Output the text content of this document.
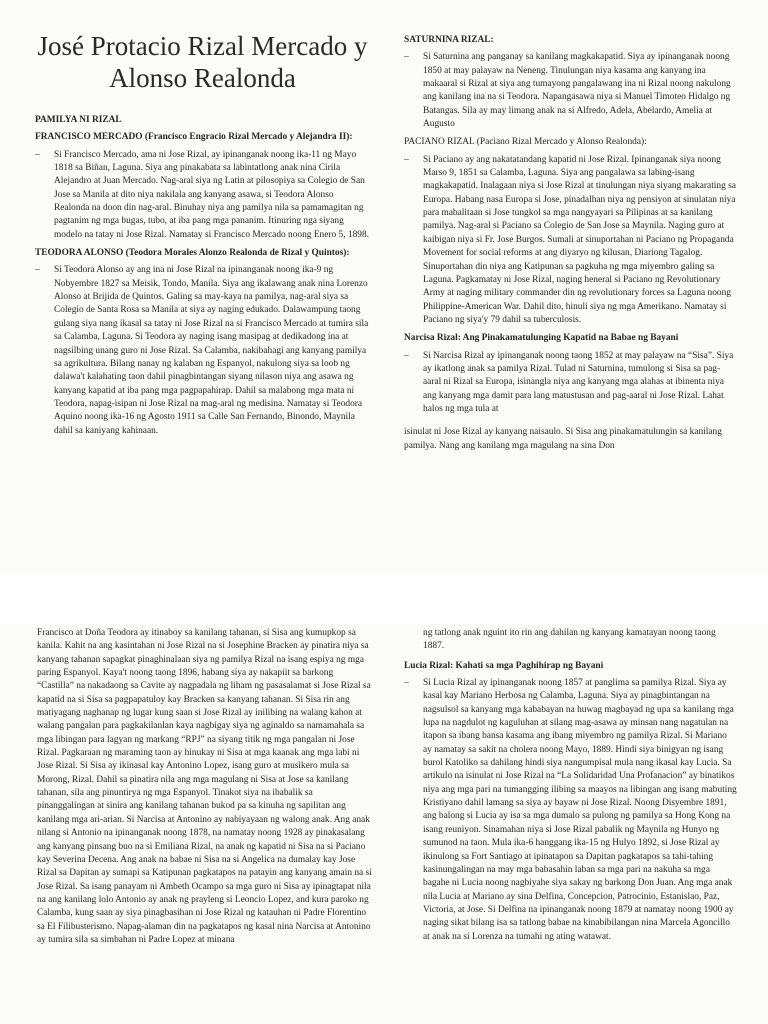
José Protacio Rizal Mercado y Alonso Realonda
PAMILYA NI RIZAL
FRANCISCO MERCADO (Francisco Engracio Rizal Mercado y Alejandra II):
– Si Francisco Mercado, ama ni Jose Rizal, ay ipinanganak noong ika-11 ng Mayo 1818 sa Biñan, Laguna. Siya ang pinakabata sa labintatlong anak nina Cirila Alejandro at Juan Mercado. Nag-aral siya ng Latin at pilosopiya sa Colegio de San Jose sa Manila at dito niya nakilala ang kanyang asawa, si Teodora Alonso Realonda na doon din nag-aral. Binuhay niya ang pamilya nila sa pamamagitan ng pagtanim ng mga bugas, tubo, at iba pang mga pananim. Itinuring nga siyang modelo na tatay ni Jose Rizal. Namatay si Francisco Mercado noong Enero 5, 1898.

TEODORA ALONSO (Teodora Morales Alonzo Realonda de Rizal y Quintos):
– Si Teodora Alonso ay ang ina ni Jose Rizal na ipinanganak noong ika-9 ng Nobyembre 1827 sa Meisik, Tondo, Manila. Siya ang ikalawang anak nina Lorenzo Alonso at Brijida de Quintos. Galing sa may-kaya na pamilya, nag-aral siya sa Colegio de Santa Rosa sa Manila at siya ay naging edukado. Dalawampung taong gulang siya nang ikasal sa tatay ni Jose Rizal na si Francisco Mercado at tumira sila sa Calamba, Laguna. Si Teodora ay naging isang masipag at dedikadong ina at nagsilbing unang guro ni Jose Rizal. Sa Calamba, nakibahagi ang kanyang pamilya sa agrikultura. Bilang nanay ng kalaban ng Espanyol, nakulong siya sa loob ng dalawa't kalahating taon dahil pinagbintangan siyang nilason niya ang asawa ng kanyang kapatid at iba pang mga pagpapahirap. Dahil sa malabong mga mata ni Teodora, napag-isipan ni Jose Rizal na mag-aral ng medisina. Namatay si Teodora Aquino noong ika-16 ng Agosto 1911 sa Calle San Fernando, Binondo, Maynila dahil sa kaniyang kahinaan.

SATURNINA RIZAL:
– Si Saturnina ang panganay sa kanilang magkakapatid. Siya ay ipinanganak noong 1850 at may palayaw na Neneng. Tinulungan niya kasama ang kanyang ina makaaral si Rizal at siya ang tumayong pangalawang ina ni Rizal noong nakulong ang kanilang ina na si Teodora. Napangasawa niya si Manuel Timoteo Hidalgo ng Batangas. Sila ay may limang anak na si Alfredo, Adela, Abelardo, Amelia at Augusto

PACIANO RIZAL (Paciano Rizal Mercado y Alonso Realonda):
– Si Paciano ay ang nakatatandang kapatid ni Jose Rizal. Ipinanganak siya noong Marso 9, 1851 sa Calamba, Laguna. Siya ang pangalawa sa labing-isang magkakapatid. Inalagaan niya si Jose Rizal at tinulungan niya siyang makarating sa Europa. Habang nasa Europa si Jose, pinadalhan niya ng pensiyon at sinulatan niya para mabalitaan si Jose tungkol sa mga nangyayari sa Pilipinas at sa kanilang pamilya. Nag-aral si Paciano sa Colegio de San Jose sa Maynila. Naging guro at kaibigan niya si Fr. Jose Burgos. Sumali at sinuportahan ni Paciano ng Propaganda Movement for social reforms at ang diyaryo ng kilusan, Diariong Tagalog. Sinuportahan din niya ang Katipunan sa pagkuha ng mga miyembro galing sa Laguna. Pagkamatay ni Jose Rizal, naging heneral si Paciano ng Revolutionary Army at naging military commander din ng revolutionary forces sa Laguna noong Philippine-American War. Dahil dito, hinuli siya ng mga Amerikano. Namatay si Paciano ng siya'y 79 dahil sa tuberculosis.

Narcisa Rizal: Ang Pinakamatulunging Kapatid na Babae ng Bayani
– Si Narcisa Rizal ay ipinanganak noong taong 1852 at may palayaw na “Sisa”. Siya ay ikatlong anak sa pamilya Rizal. Tulad ni Saturnina, tumulong si Sisa sa pag-aaral ni Rizal sa Europa, isinangla niya ang kanyang mga alahas at ibinenta niya ang kanyang mga damit para lang matustusan and pag-aaral ni Jose Rizal. Lahat halos ng mga tula at

isinulat ni Jose Rizal ay kanyang naisaulo. Si Sisa ang pinakamatulungin sa kanilang pamilya. Nang ang kanilang mga magulang na sina Don

Francisco at Doña Teodora ay itinaboy sa kanilang tahanan, si Sisa ang kumupkop sa kanila. Kahit na ang kasintahan ni Jose Rizal na si Josephine Bracken ay pinatira niya sa kanyang tahanan sapagkat pinaghinalaan siya ng pamilya Rizal na isang espiya ng mga paring Espanyol. Kaya't noong taong 1896, habang siya ay nakapiit sa barkong “Castilla” na nakadaong sa Cavite ay nagpadala ng liham ng pasasalamat si Jose Rizal sa kapatid na si Sisa sa pagpapatuloy kay Bracken sa kanyang tahanan. Si Sisa rin ang matiyagang naghanap ng lugar kung saan si Jose Rizal ay inilibing na walang kahon at walang pangalan para pagkakilanlan kaya nagbigay siya ng aginaldo sa namamahala sa mga libingan para lagyan ng markang “RPJ” na siyang titik ng mga pangalan ni Jose Rizal. Pagkaraan ng maraming taon ay hinukay ni Sisa at mga kaanak ang mga labi ni Jose Rizal. Si Sisa ay ikinasal kay Antonino Lopez, isang guro at musikero mula sa Morong, Rizal. Dahil sa pinatira nila ang mga magulang ni Sisa at Jose sa kanilang tahanan, sila ang pinuntirya ng mga Espanyol. Tinakot siya na ibabalik sa pinanggalingan at sinira ang kanilang tahanan bukod pa sa kinuha ng sapilitan ang kanilang mga ari-arian. Si Narcisa at Antonino ay nabiyayaan ng walong anak. Ang anak nilang si Antonio na ipinanganak noong 1878, na namatay noong 1928 ay pinakasalang ang kanyang pinsang buo na si Emiliana Rizal, na anak ng kapatid ni Sisa na si Paciano kay Severina Decena. Ang anak na babae ni Sisa na si Angelica na dumalay kay Jose Rizal sa Dapitan ay sumapi sa Katipunan pagkatapos na patayin ang kanyang amain na si Jose Rizal. Sa isang panayam ni Ambeth Ocampo sa mga guro ni Sisa ay ipinagtapat nila na ang kanilang lolo Antonio ay anak ng prayleng si Leoncio Lopez, and kura paroko ng Calamba, kung saan ay siya pinagbasihan ni Jose Rizal ng katauhan ni Padre Florentino sa El Filibusterismo. Napag-alaman din na pagkatapos ng kasal nina Narcisa at Antonino ay tumira sila sa simbahan ni Padre Lopez at minana

ng tatlong anak nguint ito rin ang dahilan ng kanyang kamatayan noong taong 1887.

Lucia Rizal: Kahati sa mga Paghihirap ng Bayani
– Si Lucia Rizal ay ipinanganak noong 1857 at panglima sa pamilya Rizal. Siya ay kasal kay Mariano Herbosa ng Calamba, Laguna. Siya ay pinagbintangan na nagsulsol sa kanyang mga kababayan na huwag magbayad ng upa sa kanilang mga lupa na nagdulot ng kaguluhan at silang mag-asawa ay minsan nang nagatulan na itapon sa ibang bansa kasama ang ibang miyembro ng pamilya Rizal. Si Mariano ay namatay sa sakit na cholera noong Mayo, 1889. Hindi siya binigyan ng isang burol Katoliko sa dahilang hindi siya nangumpisal mula nang ikasal kay Lucia. Sa artikulo na isinulat ni Jose Rizal na “La Solidaridad Una Profanacion” ay binatikos niya ang mga pari na tumangging ilibing sa maayos na libingan ang isang mabuting Kristiyano dahil lamang sa siya ay bayaw ni Jose Rizal. Noong Disyembre 1891, ang balong si Lucia ay isa sa mga dumalo sa pulong ng pamilya sa Hong Kong na isang reuniyon. Sinamahan niya si Jose Rizal pabalik ng Maynila ng Hunyo ng sumunod na taon. Mula ika-6 hanggang ika-15 ng Hulyo 1892, si Jose Rizal ay ikinulong sa Fort Santiago at ipinatapon sa Dapitan pagkatapos sa tahi-tahing kasinungalingan na may mga babasahin laban sa mga pari na nakuha sa mga bagahe ni Lucia noong nagbiyahe siya sakay ng barkong Don Juan. Ang mga anak nila Lucia at Mariano ay sina Delfina, Concepcion, Patrocinio, Estanislao, Paz, Victoria, at Jose. Si Delfina na ipinanganak noong 1879 at namatay noong 1900 ay naging sikat bilang isa sa tatlong babae na kinabibilangan nina Marcela Agoncillo at anak na si Lorenza na tumahi ng ating watawat.
